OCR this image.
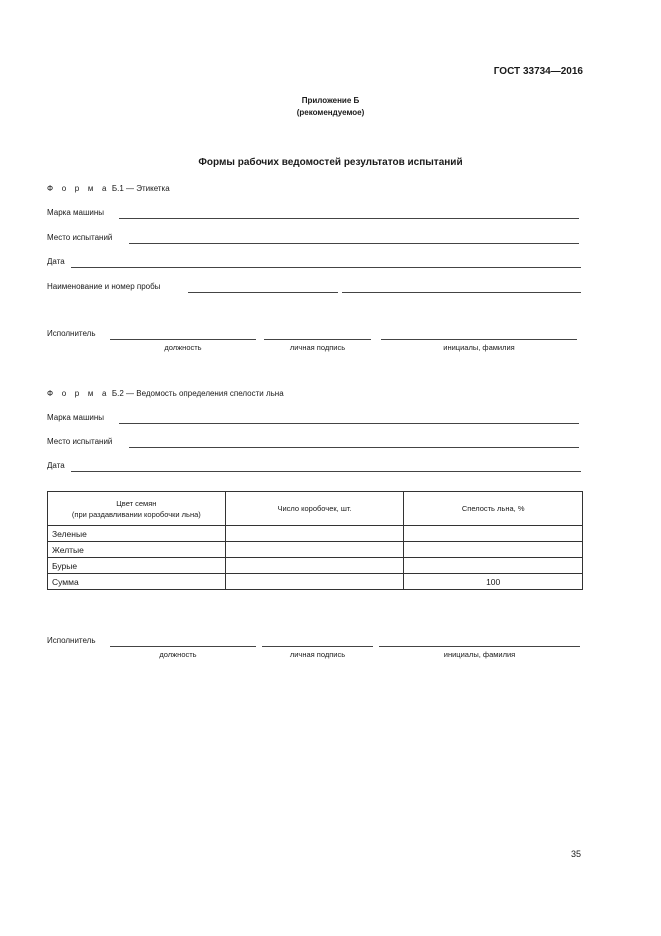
ГОСТ 33734—2016
Приложение Б
(рекомендуемое)
Формы рабочих ведомостей результатов испытаний
Ф о р м а Б.1 — Этикетка
Марка машины
Место испытаний
Дата
Наименование и номер пробы
Исполнитель
должность	личная подпись	инициалы, фамилия
Ф о р м а Б.2 — Ведомость определения спелости льна
Марка машины
Место испытаний
Дата
Цвет семян
(при раздавливании коробочки льна)	Число коробочек, шт.	Спелость льна, %
Зеленые		
Желтые		
Бурые		
Сумма		100
Исполнитель
должность	личная подпись	инициалы, фамилия
35
